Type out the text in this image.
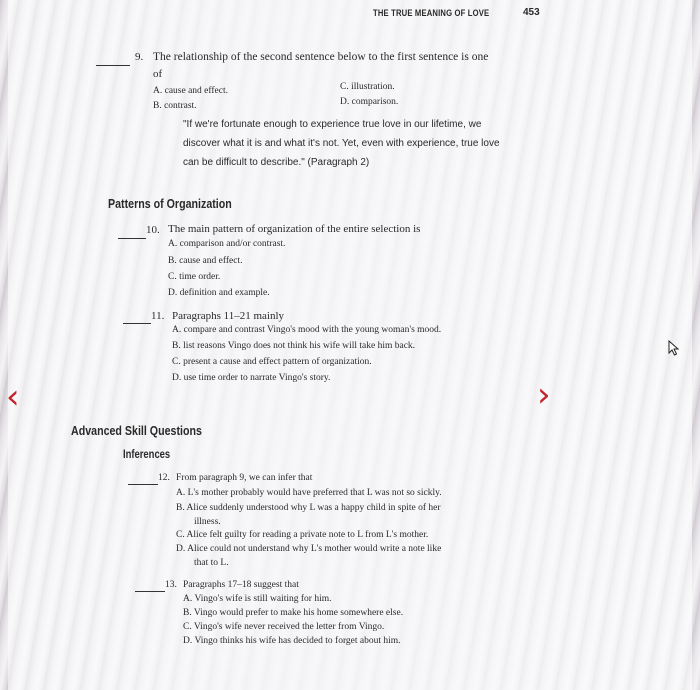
THE TRUE MEANING OF LOVE	453
9. The relationship of the second sentence below to the first sentence is one
of
A. cause and effect.
B. contrast.
C. illustration.
D. comparison.
"If we're fortunate enough to experience true love in our lifetime, we
discover what it is and what it's not. Yet, even with experience, true love
can be difficult to describe." (Paragraph 2)
Patterns of Organization
10. The main pattern of organization of the entire selection is
A. comparison and/or contrast.
B. cause and effect.
C. time order.
D. definition and example.
11. Paragraphs 11–21 mainly
A. compare and contrast Vingo's mood with the young woman's mood.
B. list reasons Vingo does not think his wife will take him back.
C. present a cause and effect pattern of organization.
D. use time order to narrate Vingo's story.
Advanced Skill Questions
Inferences
12. From paragraph 9, we can infer that
A. L's mother probably would have preferred that L was not so sickly.
B. Alice suddenly understood why L was a happy child in spite of her
illness.
C. Alice felt guilty for reading a private note to L from L's mother.
D. Alice could not understand why L's mother would write a note like
that to L.
13. Paragraphs 17–18 suggest that
A. Vingo's wife is still waiting for him.
B. Vingo would prefer to make his home somewhere else.
C. Vingo's wife never received the letter from Vingo.
D. Vingo thinks his wife has decided to forget about him.
‹	›
